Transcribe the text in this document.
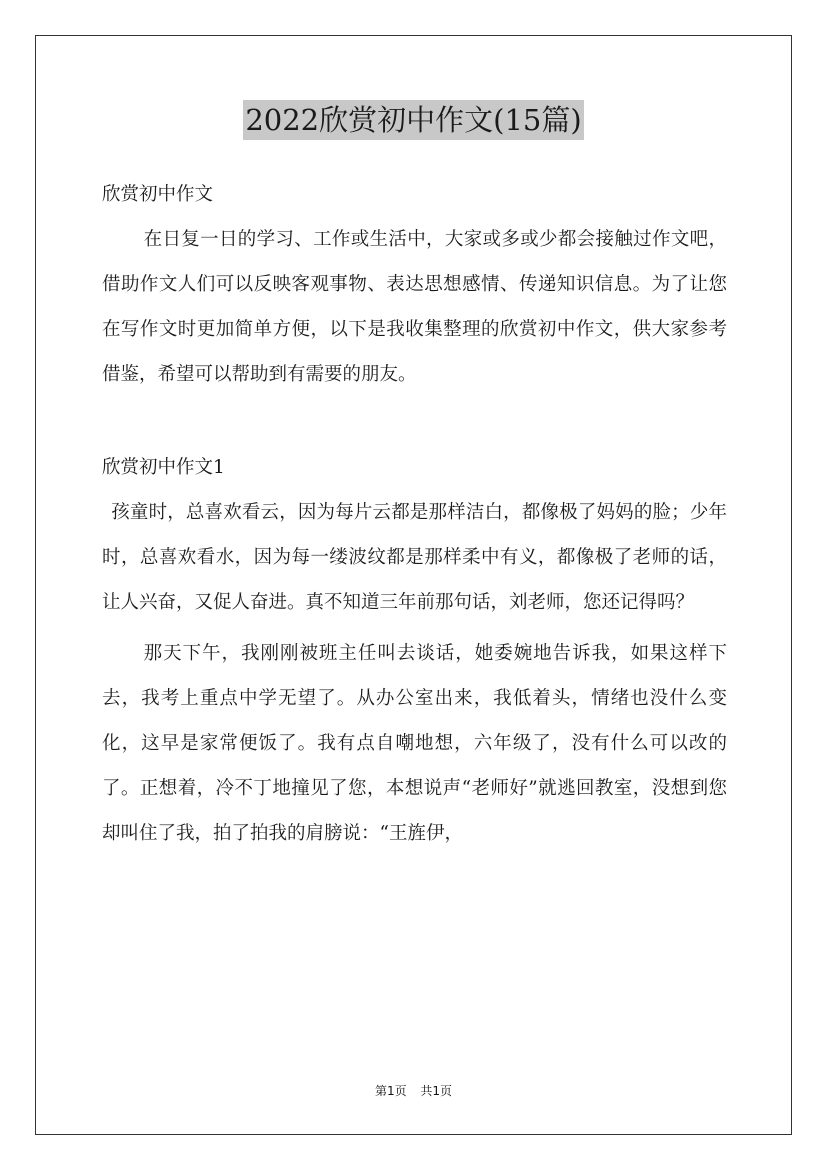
2022欣赏初中作文(15篇)

欣赏初中作文

在日复一日的学习、工作或生活中，大家或多或少都会接触过作文吧，借助作文人们可以反映客观事物、表达思想感情、传递知识信息。为了让您在写作文时更加简单方便，以下是我收集整理的欣赏初中作文，供大家参考借鉴，希望可以帮助到有需要的朋友。

欣赏初中作文1

孩童时，总喜欢看云，因为每片云都是那样洁白，都像极了妈妈的脸；少年时，总喜欢看水，因为每一缕波纹都是那样柔中有义，都像极了老师的话，让人兴奋，又促人奋进。真不知道三年前那句话，刘老师，您还记得吗？

那天下午，我刚刚被班主任叫去谈话，她委婉地告诉我，如果这样下去，我考上重点中学无望了。从办公室出来，我低着头，情绪也没什么变化，这早是家常便饭了。我有点自嘲地想，六年级了，没有什么可以改的了。正想着，冷不丁地撞见了您，本想说声“老师好”就逃回教室，没想到您却叫住了我，拍了拍我的肩膀说：“王旌伊，

第1页 共1页
